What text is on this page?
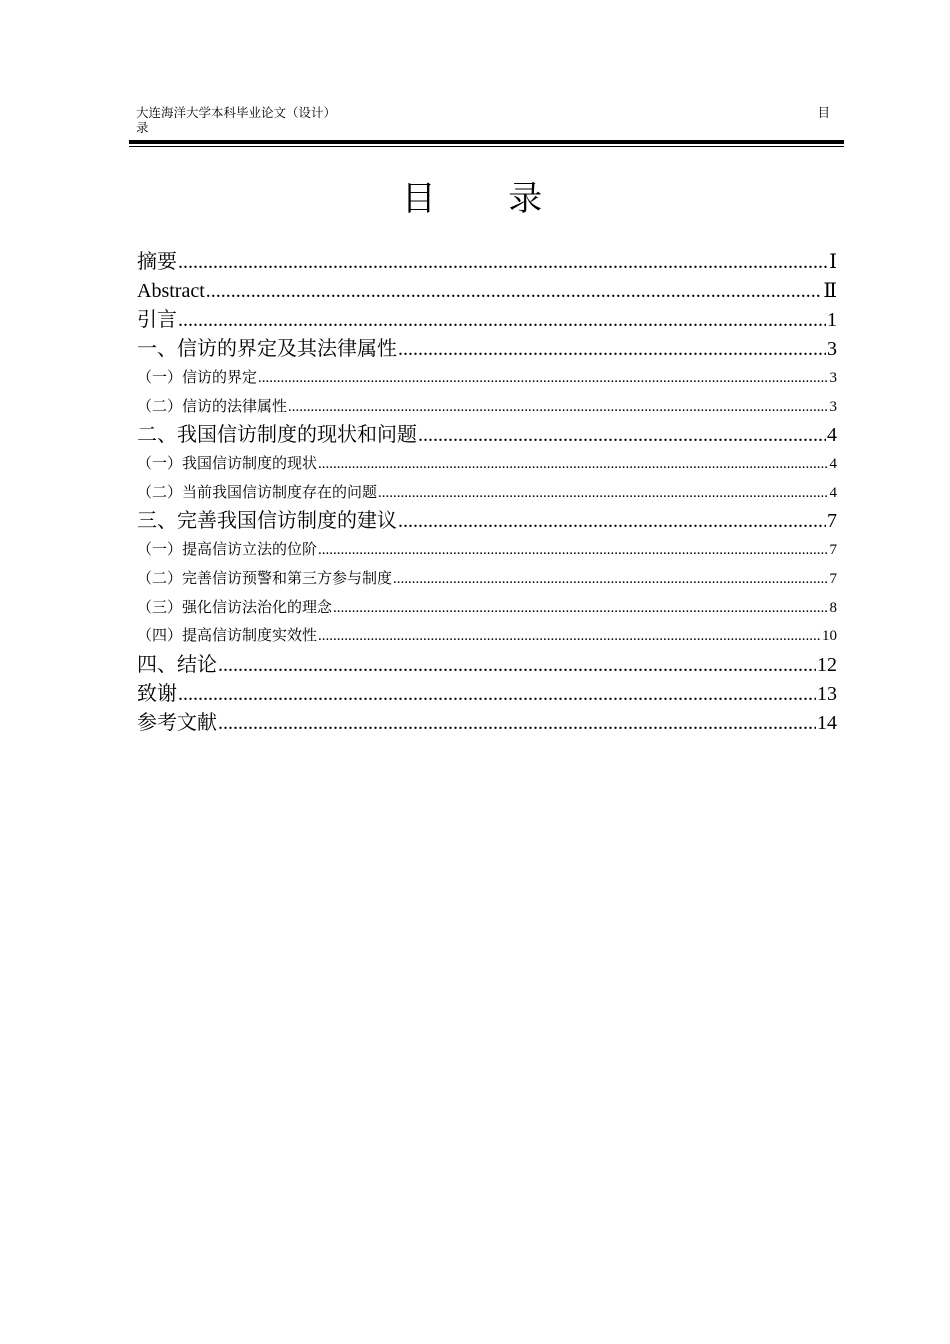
大连海洋大学本科毕业论文（设计）
录
目
目 录
摘要 .....	Ⅰ
Abstract .....	Ⅱ
引言 .....	1
一、信访的界定及其法律属性 .....	3
（一）信访的界定 .....	3
（二）信访的法律属性 .....	3
二、我国信访制度的现状和问题 .....	4
（一）我国信访制度的现状 .....	4
（二）当前我国信访制度存在的问题 .....	4
三、完善我国信访制度的建议 .....	7
（一）提高信访立法的位阶 .....	7
（二）完善信访预警和第三方参与制度 .....	7
（三）强化信访法治化的理念 .....	8
（四）提高信访制度实效性 .....	10
四、结论 .....	12
致谢 .....	13
参考文献 .....	14
